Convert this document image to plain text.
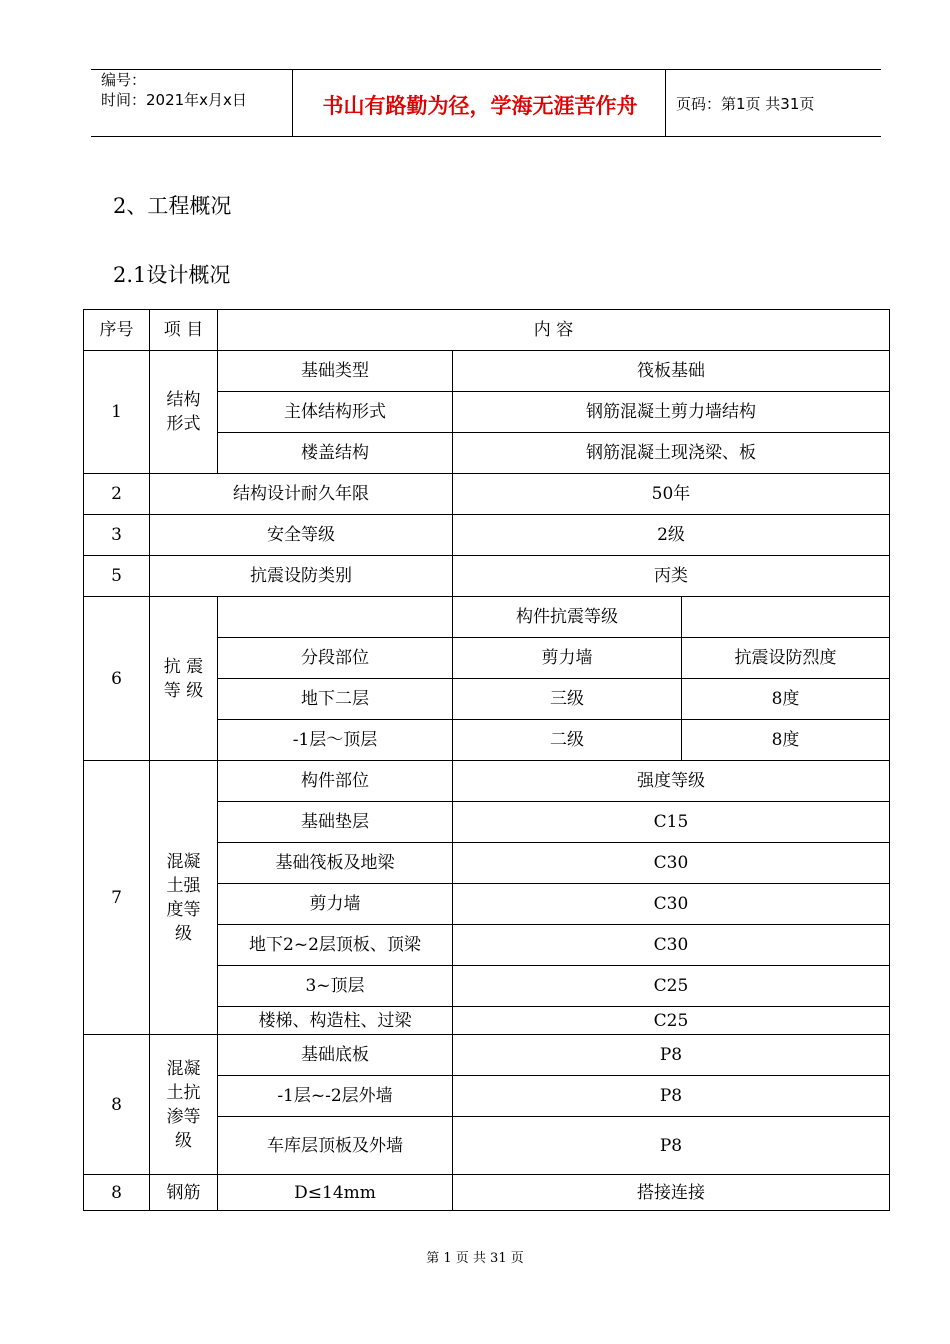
编号：
时间：2021年x月x日	书山有路勤为径，学海无涯苦作舟	页码：第1页 共31页
2、工程概况
2.1设计概况
序号	项 目	内 容		
1	结构形式	基础类型	筏板基础	
		主体结构形式	钢筋混凝土剪力墙结构	
		楼盖结构	钢筋混凝土现浇梁、板	
2	结构设计耐久年限		50年	
3	安全等级		2级	
5	抗震设防类别		丙类	
6	抗 震 等 级		构件抗震等级	
		分段部位	剪力墙	抗震设防烈度
		地下二层	三级	8度
		-1层～顶层	二级	8度
7	混凝土强度等级	构件部位	强度等级	
		基础垫层	C15	
		基础筏板及地梁	C30	
		剪力墙	C30	
		地下2~2层顶板、顶梁	C30	
		3~顶层	C25	
		楼梯、构造柱、过梁	C25	
8	混凝土抗渗等级	基础底板	P8	
		-1层~-2层外墙	P8	
		车库层顶板及外墙	P8	
8	钢筋	D≤14mm	搭接连接	
第 1 页 共 31 页
